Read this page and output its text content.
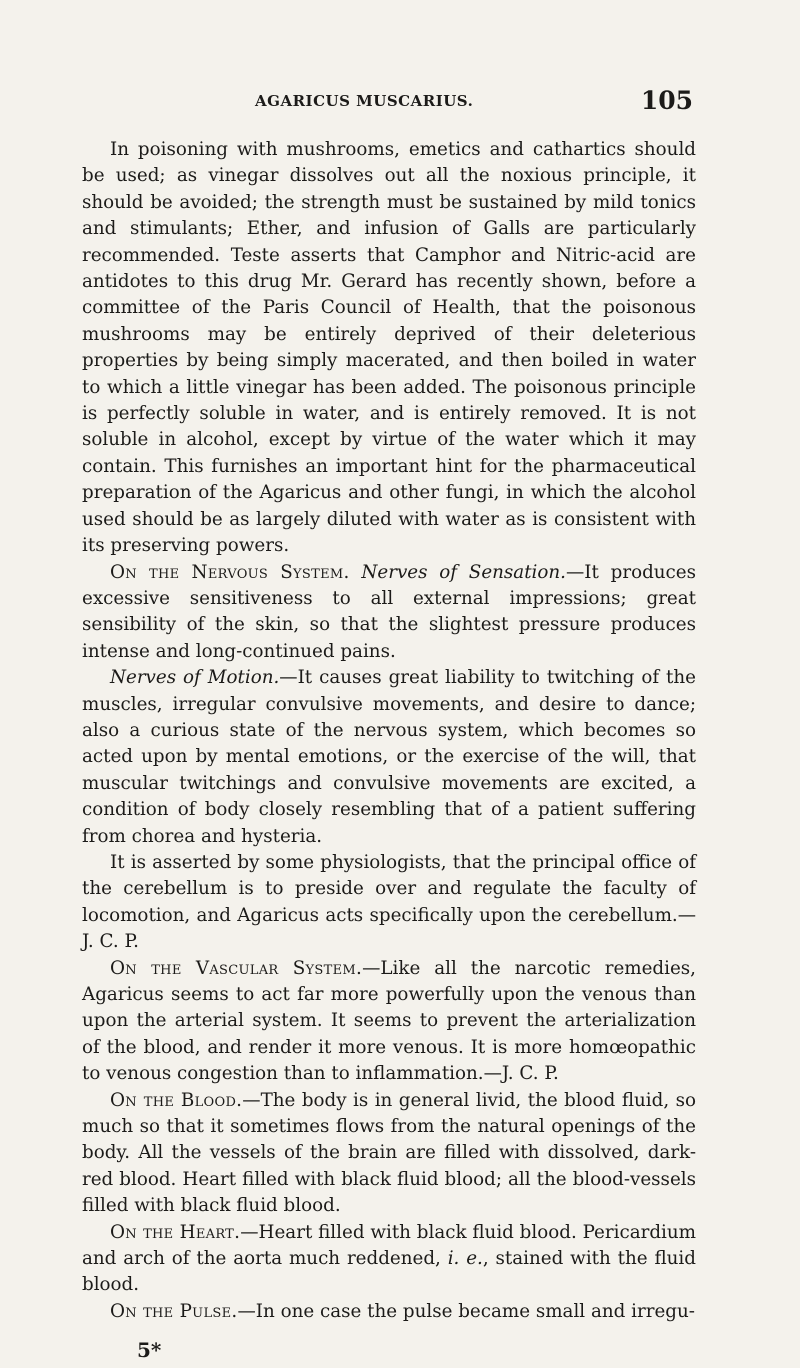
AGARICUS MUSCARIUS.	105

In poisoning with mushrooms, emetics and cathartics should be used; as vinegar dissolves out all the noxious principle, it should be avoided; the strength must be sustained by mild tonics and stimulants; Ether, and infusion of Galls are particularly recommended. Teste asserts that Camphor and Nitric-acid are antidotes to this drug Mr. Gerard has recently shown, before a committee of the Paris Council of Health, that the poisonous mushrooms may be entirely deprived of their deleterious properties by being simply macerated, and then boiled in water to which a little vinegar has been added. The poisonous principle is perfectly soluble in water, and is entirely removed. It is not soluble in alcohol, except by virtue of the water which it may contain. This furnishes an important hint for the pharmaceutical preparation of the Agaricus and other fungi, in which the alcohol used should be as largely diluted with water as is consistent with its preserving powers.

On the Nervous System. Nerves of Sensation.—It produces excessive sensitiveness to all external impressions; great sensibility of the skin, so that the slightest pressure produces intense and long-continued pains.

Nerves of Motion.—It causes great liability to twitching of the muscles, irregular convulsive movements, and desire to dance; also a curious state of the nervous system, which becomes so acted upon by mental emotions, or the exercise of the will, that muscular twitchings and convulsive movements are excited, a condition of body closely resembling that of a patient suffering from chorea and hysteria.

It is asserted by some physiologists, that the principal office of the cerebellum is to preside over and regulate the faculty of locomotion, and Agaricus acts specifically upon the cerebellum.—J. C. P.

On the Vascular System.—Like all the narcotic remedies, Agaricus seems to act far more powerfully upon the venous than upon the arterial system. It seems to prevent the arterialization of the blood, and render it more venous. It is more homœopathic to venous congestion than to inflammation.—J. C. P.

On the Blood.—The body is in general livid, the blood fluid, so much so that it sometimes flows from the natural openings of the body. All the vessels of the brain are filled with dissolved, dark-red blood. Heart filled with black fluid blood; all the blood-vessels filled with black fluid blood.

On the Heart.—Heart filled with black fluid blood. Pericardium and arch of the aorta much reddened, i. e., stained with the fluid blood.

On the Pulse.—In one case the pulse became small and irregu-

5*
